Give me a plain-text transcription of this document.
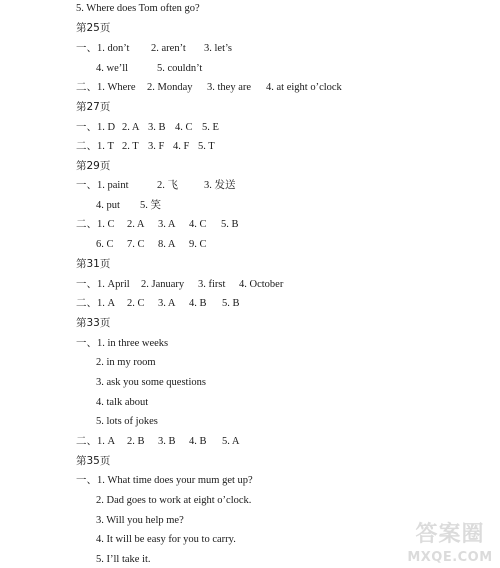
5. Where does Tom often go?
第25页
一、1. don’t 2. aren’t 3. let’s
4. we’ll	5. couldn’t
二、1. Where 2. Monday 3. they are 4. at eight o’clock
第27页
一、1. D 2. A 3. B 4. C 5. E
二、1. T 2. T 3. F 4. F 5. T
第29页
一、1. paint	2. 飞 3. 发送
4. put 5. 笑
二、1. C 2. A 3. A 4. C 5. B
6. C 7. C 8. A 9. C
第31页
一、1. April 2. January 3. first 4. October
二、1. A 2. C 3. A 4. B 5. B
第33页
一、1. in three weeks
2. in my room
3. ask you some questions
4. talk about
5. lots of jokes
二、1. A 2. B 3. B 4. B 5. A
第35页
一、1. What time does your mum get up?
2. Dad goes to work at eight o’clock.
3. Will you help me?
4. It will be easy for you to carry.
5. I’ll take it.
答案圈
MXQE.COM
